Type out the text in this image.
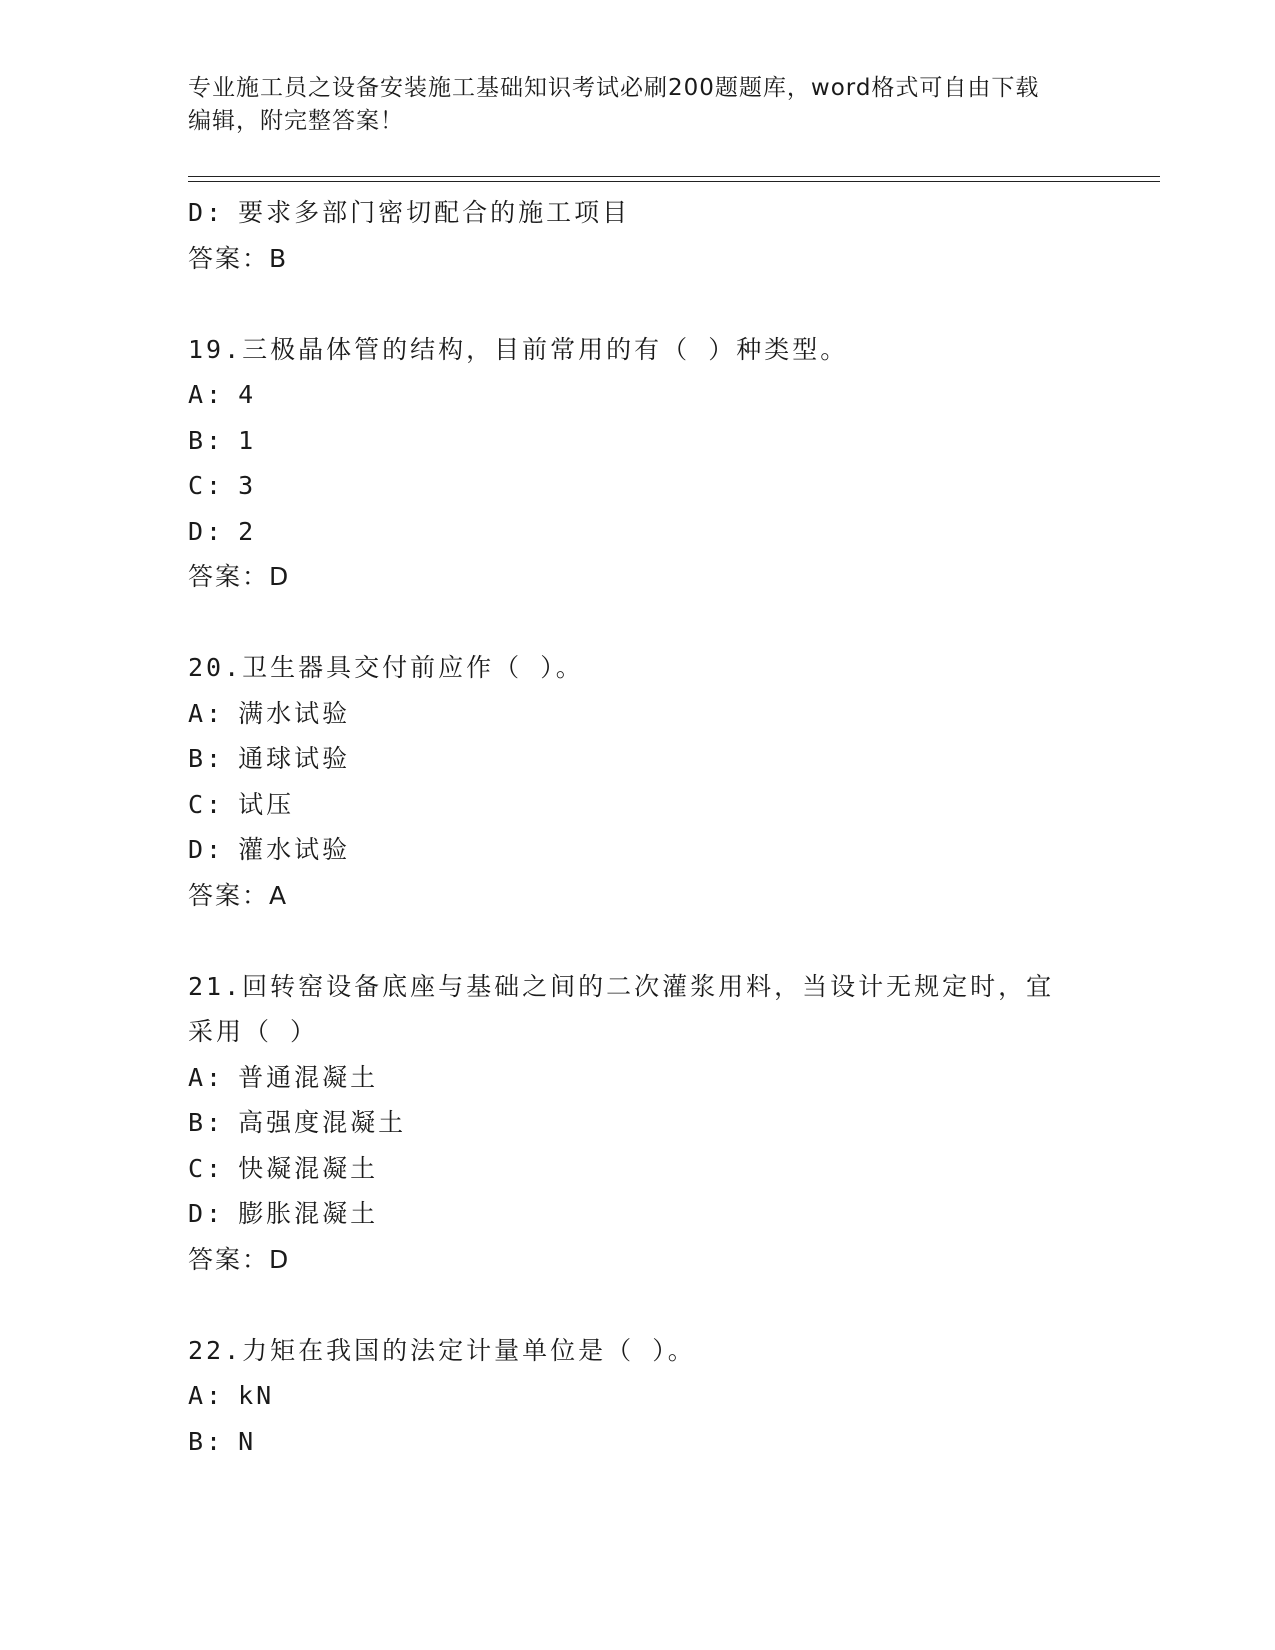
专业施工员之设备安装施工基础知识考试必刷200题题库，word格式可自由下载
编辑，附完整答案！
D: 要求多部门密切配合的施工项目
答案：B
19.三极晶体管的结构，目前常用的有（ ）种类型。
A: 4
B: 1
C: 3
D: 2
答案：D
20.卫生器具交付前应作（ ）。
A: 满水试验
B: 通球试验
C: 试压
D: 灌水试验
答案：A
21.回转窑设备底座与基础之间的二次灌浆用料，当设计无规定时，宜
采用（ ）
A: 普通混凝土
B: 高强度混凝土
C: 快凝混凝土
D: 膨胀混凝土
答案：D
22.力矩在我国的法定计量单位是（ ）。
A: kN
B: N
